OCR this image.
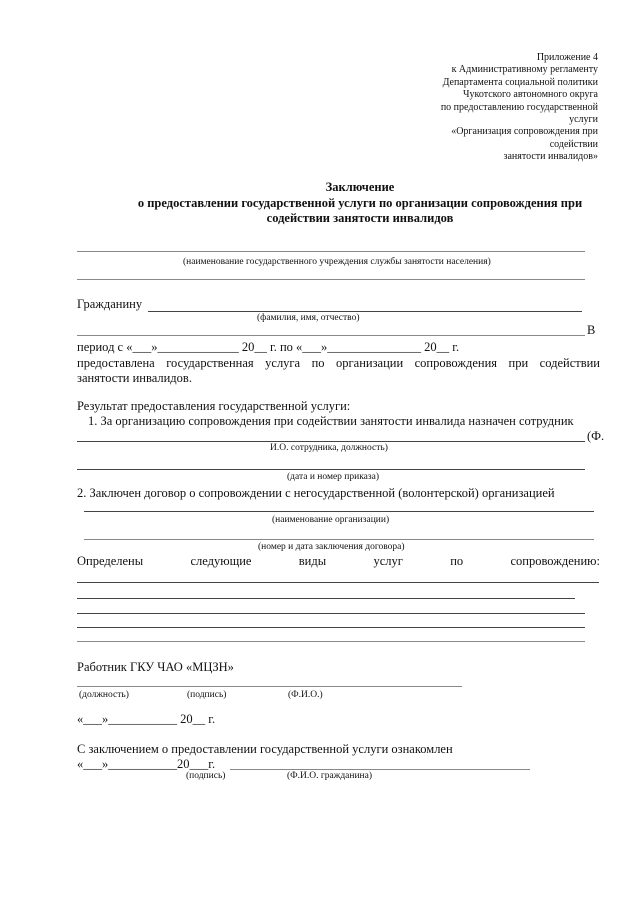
Приложение 4
к Административному регламенту
Департамента социальной политики
Чукотского автономного округа
по предоставлению государственной
услуги
«Организация сопровождения при
содействии
занятости инвалидов»
Заключение
о предоставлении государственной услуги по организации сопровождения при
содействии занятости инвалидов
(наименование государственного учреждения службы занятости населения)
Гражданину
(фамилия, имя, отчество)
В
период с «___»_____________ 20__ г. по «___»_______________ 20__ г.
предоставлена государственная услуга по организации сопровождения при содействии
занятости инвалидов.
Результат предоставления государственной услуги:
1. За организацию сопровождения при содействии занятости инвалида назначен сотрудник
(Ф.
И.О. сотрудника, должность)
(дата и номер приказа)
2. Заключен договор о сопровождении с негосударственной (волонтерской) организацией
(наименование организации)
(номер и дата заключения договора)
Определены	следующие	виды	услуг	по	сопровождению:
Работник ГКУ ЧАО «МЦЗН»
(должность)	(подпись)	(Ф.И.О.)
«___»___________ 20__ г.
С заключением о предоставлении государственной услуги ознакомлен
«___»___________20___г.
(подпись)	(Ф.И.О. гражданина)
